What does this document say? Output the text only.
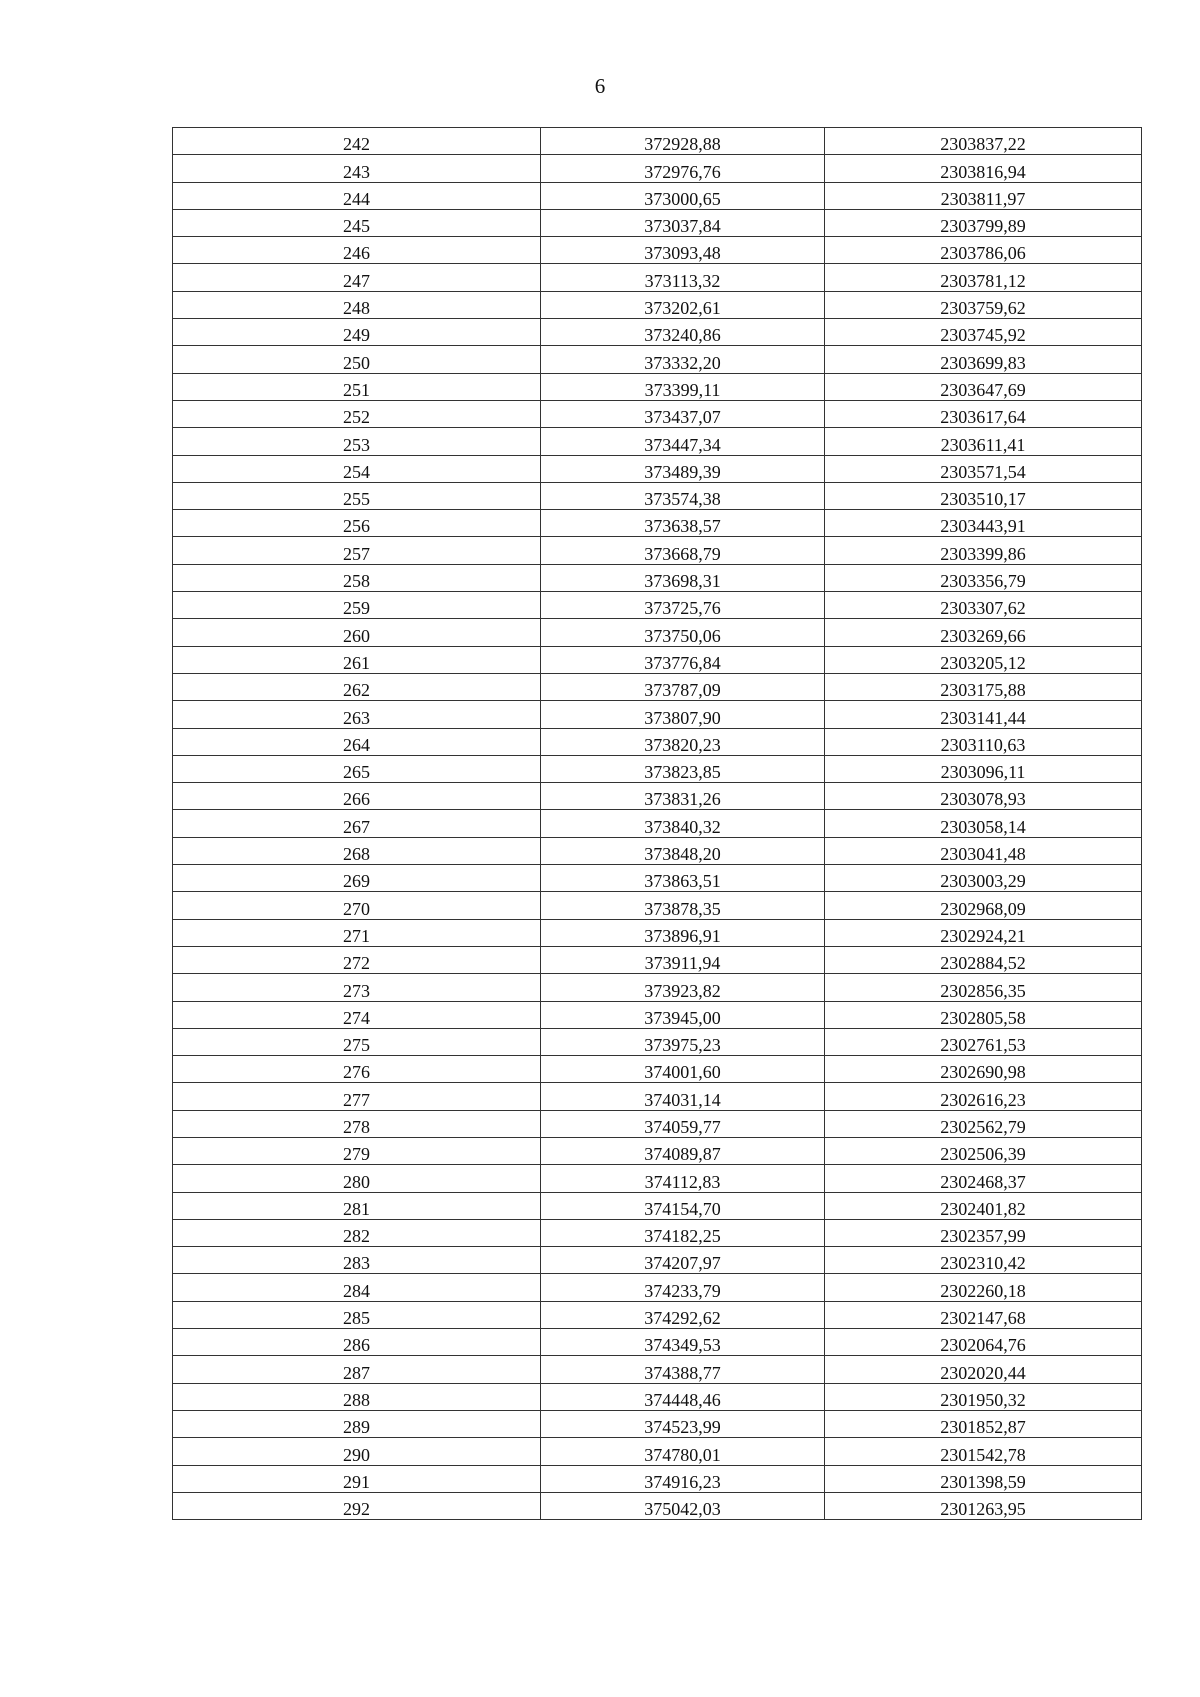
6
242	372928,88	2303837,22
243	372976,76	2303816,94
244	373000,65	2303811,97
245	373037,84	2303799,89
246	373093,48	2303786,06
247	373113,32	2303781,12
248	373202,61	2303759,62
249	373240,86	2303745,92
250	373332,20	2303699,83
251	373399,11	2303647,69
252	373437,07	2303617,64
253	373447,34	2303611,41
254	373489,39	2303571,54
255	373574,38	2303510,17
256	373638,57	2303443,91
257	373668,79	2303399,86
258	373698,31	2303356,79
259	373725,76	2303307,62
260	373750,06	2303269,66
261	373776,84	2303205,12
262	373787,09	2303175,88
263	373807,90	2303141,44
264	373820,23	2303110,63
265	373823,85	2303096,11
266	373831,26	2303078,93
267	373840,32	2303058,14
268	373848,20	2303041,48
269	373863,51	2303003,29
270	373878,35	2302968,09
271	373896,91	2302924,21
272	373911,94	2302884,52
273	373923,82	2302856,35
274	373945,00	2302805,58
275	373975,23	2302761,53
276	374001,60	2302690,98
277	374031,14	2302616,23
278	374059,77	2302562,79
279	374089,87	2302506,39
280	374112,83	2302468,37
281	374154,70	2302401,82
282	374182,25	2302357,99
283	374207,97	2302310,42
284	374233,79	2302260,18
285	374292,62	2302147,68
286	374349,53	2302064,76
287	374388,77	2302020,44
288	374448,46	2301950,32
289	374523,99	2301852,87
290	374780,01	2301542,78
291	374916,23	2301398,59
292	375042,03	2301263,95
